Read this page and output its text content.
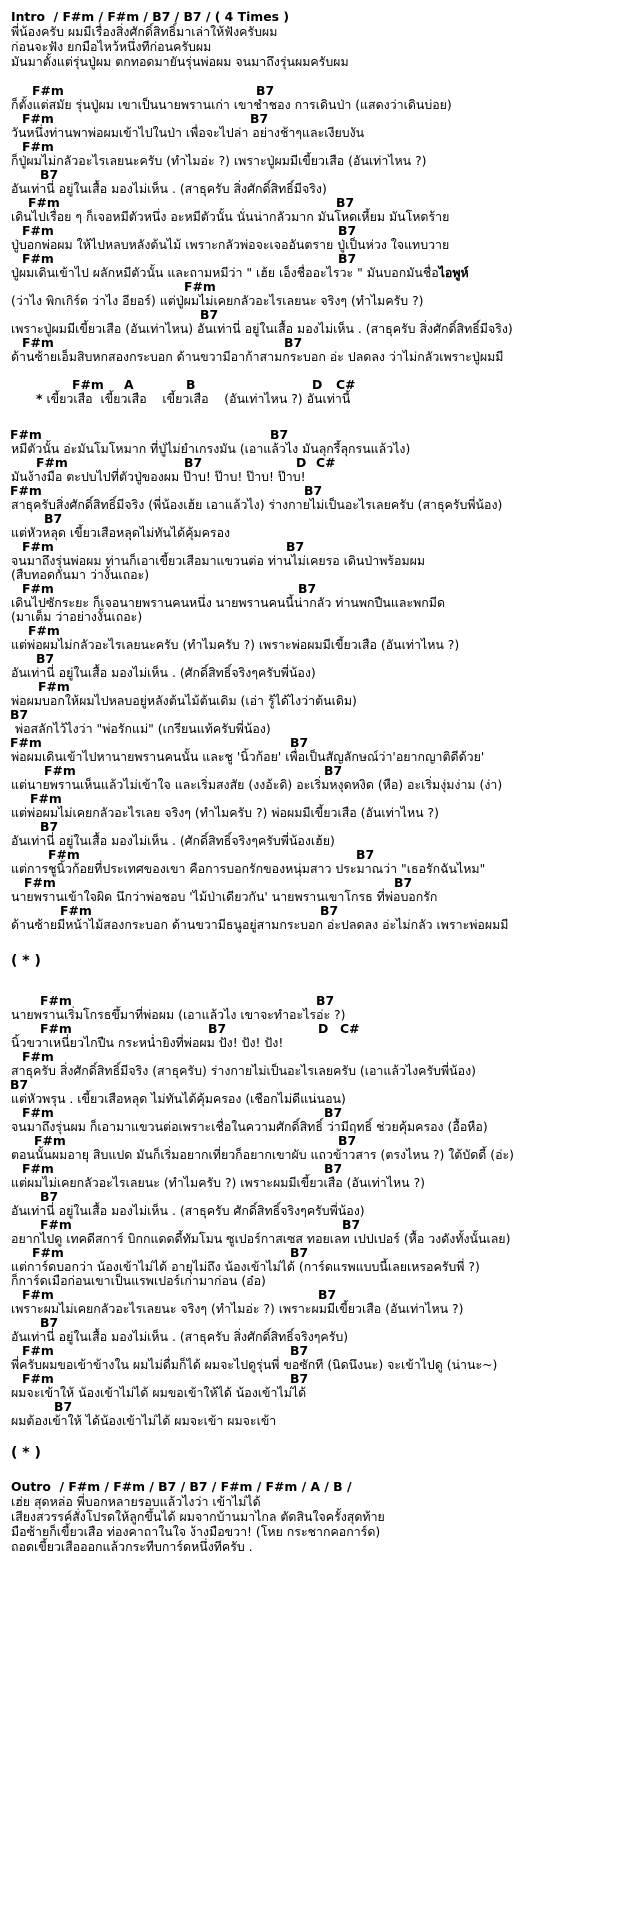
Intro  / F#m / F#m / B7 / B7 / ( 4 Times )
พี่น้องครับ ผมมีเรื่องสิ่งศักดิ์สิทธิ์มาเล่าให้ฟังครับผม
ก่อนจะฟัง ยกมือไหว้หนึ่งทีก่อนครับผม
มันมาตั้งแต่รุ่นปู่ผม ตกทอดมายันรุ่นพ่อผม จนมาถึงรุ่นผมครับผม
F#m	B7
ก็ตั้งแต่สมัย รุ่นปู่ผม เขาเป็นนายพรานเก่า เขาชำชอง การเดินป่า (แสดงว่าเดินบ่อย)
F#m	B7
วันหนึ่งท่านพาพ่อผมเข้าไปในป่า เพื่อจะไปล่า อย่างช้าๆและเงียบงัน
F#m
ก็ปู่ผมไม่กลัวอะไรเลยนะครับ (ทำไมอ่ะ ?) เพราะปู่ผมมีเขี้ยวเสือ (อันเท่าไหน ?)
B7
อันเท่านี่ อยู่ในเสื้อ มองไม่เห็น . (สาธุครับ สิ่งศักดิ์สิทธิ์มีจริง)
F#m	B7
เดินไปเรื่อย ๆ ก็เจอหมีตัวหนึ่ง อะหมีตัวนั้น นั่นน่ากลัวมาก มันโหดเหี้ยม มันโหดร้าย
F#m	B7
ปู่บอกพ่อผม ให้ไปหลบหลังต้นไม้ เพราะกลัวพ่อจะเจออันตราย ปู่เป็นห่วง ใจแทบวาย
F#m	B7
ปู่ผมเดินเข้าไป ผลักหมีตัวนั้น และถามหมีว่า " เฮ้ย เอ็งชื่ออะไรวะ " มันบอกมันชื่อไอพูห์
F#m
(ว่าไง พิกเกิร์ด ว่าไง อียอร์) แต่ปู่ผมไม่เคยกลัวอะไรเลยนะ จริงๆ (ทำไมครับ ?)
B7
เพราะปู่ผมมีเขี้ยวเสือ (อันเท่าไหน) อันเท่านี่ อยู่ในเสื้อ มองไม่เห็น . (สาธุครับ สิ่งศักดิ์สิทธิ์มีจริง)
F#m	B7
ด้านซ้ายเอ็มสิบหกสองกระบอก ด้านขวามีอาก้าสามกระบอก อ่ะ ปลดลง ว่าไม่กลัวเพราะปู่ผมมี
F#m A	B	D C#
* เขี้ยวเสือ  เขี้ยวเสือ    เขี้ยวเสือ    (อันเท่าไหน ?) อันเท่านี้
F#m	B7
หมีตัวนั้น อ่ะมันโมโหมาก ที่ปู่ไม่ยำเกรงมัน (เอาแล้วไง มันลุกรี้ลุกรนแล้วไง)
F#m	B7	D C#
มันง้างมือ ตะปบไปที่ตัวปู่ของผม ป๊าบ! ป๊าบ! ป๊าบ! ป๊าบ!
F#m	B7
สาธุครับสิ่งศักดิ์สิทธิ์มีจริง (พี่น้องเฮ้ย เอาแล้วไง) ร่างกายไม่เป็นอะไรเลยครับ (สาธุครับพี่น้อง)
B7
แต่หัวหลุด เขี้ยวเสือหลุดไม่ทันได้คุ้มครอง
F#m	B7
จนมาถึงรุ่นพ่อผม ท่านก็เอาเขี้ยวเสือมาแขวนต่อ ท่านไม่เคยรอ เดินป่าพร้อมผม
(สืบทอดกันมา ว่างั้นเถอะ)
F#m	B7
เดินไปซักระยะ ก็เจอนายพรานคนหนึ่ง นายพรานคนนี้น่ากลัว ท่านพกปืนและพกมีด
(มาเต็ม ว่าอย่างงั้นเถอะ)
F#m
แต่พ่อผมไม่กลัวอะไรเลยนะครับ (ทำไมครับ ?) เพราะพ่อผมมีเขี้ยวเสือ (อันเท่าไหน ?)
B7
อันเท่านี่ อยู่ในเสื้อ มองไม่เห็น . (ศักดิ์สิทธิ์จริงๆครับพี่น้อง)
F#m
พ่อผมบอกให้ผมไปหลบอยู่หลังต้นไม้ต้นเดิม (เอ่า รู้ได้ไงว่าต้นเดิม)
B7
พ่อสลักไว้ไงว่า "พ่อรักแม่" (เกรียนแท้ครับพี่น้อง)
F#m	B7
พ่อผมเดินเข้าไปหานายพรานคนนั้น และชู 'นิ้วก้อย' เพื่อเป็นสัญลักษณ์ว่า'อยากญาติดีด้วย'
F#m	B7
แต่นายพรานเห็นแล้วไม่เข้าใจ และเริ่มสงสัย (งงอ้ะดิ) อะเริ่มหงุดหงิด (หือ) อะเริ่มงุ่มง่าม (ง่า)
F#m
แต่พ่อผมไม่เคยกลัวอะไรเลย จริงๆ (ทำไมครับ ?) พ่อผมมีเขี้ยวเสือ (อันเท่าไหน ?)
B7
อันเท่านี่ อยู่ในเสื้อ มองไม่เห็น . (ศักดิ์สิทธิ์จริงๆครับพี่น้องเฮ้ย)
F#m	B7
แต่การชูนิ้วก้อยที่ประเทศของเขา คือการบอกรักของหนุ่มสาว ประมาณว่า "เธอรักฉันไหม"
F#m	B7
นายพรานเข้าใจผิด นึกว่าพ่อชอบ 'ไม้ป่าเดียวกัน' นายพรานเขาโกรธ ที่พ่อบอกรัก
F#m	B7
ด้านซ้ายมีหน้าไม้สองกระบอก ด้านขวามีธนูอยู่สามกระบอก อ่ะปลดลง อ่ะไม่กลัว เพราะพ่อผมมี
( * )
F#m	B7
นายพรานเริ่มโกรธขึ้มาที่พ่อผม (เอาแล้วไง เขาจะทำอะไรอ่ะ ?)
F#m	B7	D C#
นิ้วขวาเหนี่ยวไกปืน กระหน่ำยิงที่พ่อผม ปัง! ปัง! ปัง!
F#m
สาธุครับ สิ่งศักดิ์สิทธิ์มีจริง (สาธุครับ) ร่างกายไม่เป็นอะไรเลยครับ (เอาแล้วไงครับพี่น้อง)
B7
แต่หัวพรุน . เขี้ยวเสือหลุด ไม่ทันได้คุ้มครอง (เชือกไม่ดีแน่นอน)
F#m	B7
จนมาถึงรุ่นผม ก็เอามาแขวนต่อเพราะเชื่อในความศักดิ์สิทธิ์ ว่ามีฤทธิ์ ช่วยคุ้มครอง (อื้อหือ)
F#m	B7
ตอนนั้นผมอายุ สิบแปด มันก็เริ่มอยากเที่ยวก็อยากเขาผับ แถวข้าวสาร (ตรงไหน ?) ใต้บัดดี้ (อ่ะ)
F#m	B7
แต่ผมไม่เคยกลัวอะไรเลยนะ (ทำไมครับ ?) เพราะผมมีเขี้ยวเสือ (อันเท่าไหน ?)
B7
อันเท่านี่ อยู่ในเสื้อ มองไม่เห็น . (สาธุครับ ศักดิ์สิทธิ์จริงๆครับพี่น้อง)
F#m	B7
อยากไปดู เทคดีสการ์ บิกกแดดดี้ทัมโมน ซูเปอร์กาสเซส ทอยเลท เปปเปอร์ (หื้อ วงดังทั้งนั้นเลย)
F#m	B7
แต่การ์ดบอกว่า น้องเข้าไม่ได้ อายุไม่ถึง น้องเข้าไม่ได้ (การ์ดแรพแบบนี้เลยเหรอครับพี่ ?)
ก็การ์ดเมือก่อนเขาเป็นแรพเปอร์เก่ามาก่อน (อ๋อ)
F#m	B7
เพราะผมไม่เคยกลัวอะไรเลยนะ จริงๆ (ทำไมอ่ะ ?) เพราะผมมีเขี้ยวเสือ (อันเท่าไหน ?)
B7
อันเท่านี่ อยู่ในเสื้อ มองไม่เห็น . (สาธุครับ สิ่งศักดิ์สิทธิ์จริงๆครับ)
F#m	B7
พี่ครับผมขอเข้าข้างใน ผมไม่ดื่มก็ได้ ผมจะไปดูรุ่นพี่ ขอซักที (นิดนึงนะ) จะเข้าไปดู (น่านะ~)
F#m	B7
ผมจะเข้าให้ น้องเข้าไม่ได้ ผมขอเข้าให้ได้ น้องเข้าไม่ได้
B7
ผมต้องเข้าให้ ได้น้องเข้าไม่ได้ ผมจะเข้า ผมจะเข้า
( * )
Outro  / F#m / F#m / B7 / B7 / F#m / F#m / A / B /
เฮ่ย สุดหล่อ พี่บอกหลายรอบแล้วไงว่า เข้าไม่ได้
เสียงสวรรค์สั่งโปรดให้ลูกขึ้นได้ ผมจากบ้านมาไกล ตัดสินใจครั้งสุดท้าย
มือซ้ายก็เขี้ยวเสือ ท่องคาถาในใจ ง้างมือขวา! (โหย กระชากคอการ์ด)
ถอดเขี้ยวเสือออกแล้วกระทืบการ์ดหนึ่งทีครับ .
